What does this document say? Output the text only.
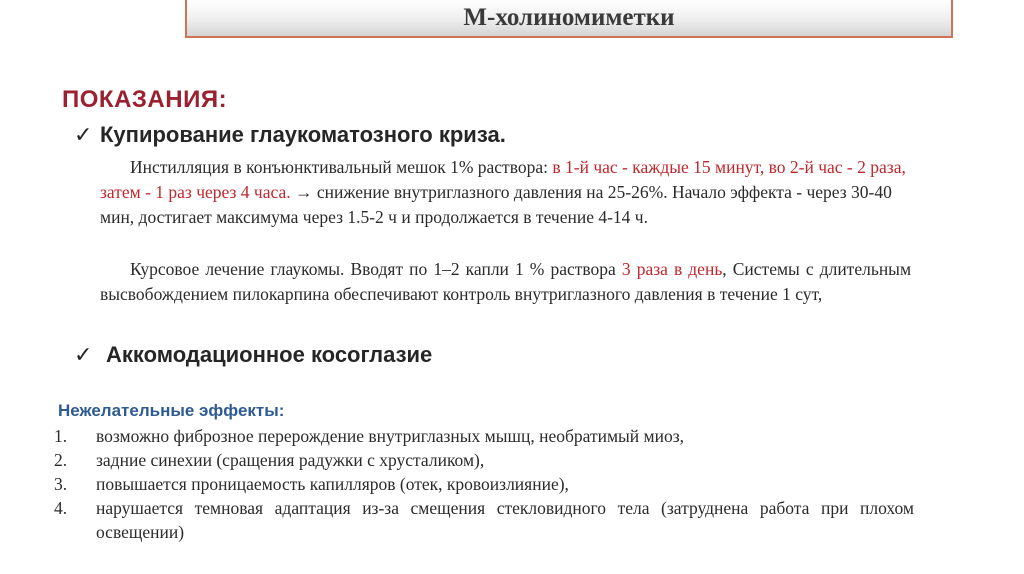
М-холиномиметки
ПОКАЗАНИЯ:
✓ Купирование глаукоматозного криза.
Инстилляция в конъюнктивальный мешок 1% раствора: в 1-й час - каждые 15 минут, во 2-й час - 2 раза, затем - 1 раз через 4 часа. → снижение внутриглазного давления на 25-26%. Начало эффекта - через 30-40 мин, достигает максимума через 1.5-2 ч и продолжается в течение 4-14 ч.
Курсовое лечение глаукомы. Вводят по 1–2 капли 1 % раствора 3 раза в день, Системы с длительным высвобождением пилокарпина обеспечивают контроль внутриглазного давления в течение 1 сут,
✓ Аккомодационное косоглазие
Нежелательные эффекты:
1.	возможно фиброзное перерождение внутриглазных мышц, необратимый миоз,
2.	задние синехии (сращения радужки с хрусталиком),
3.	повышается проницаемость капилляров (отек, кровоизлияние),
4.	нарушается темновая адаптация из-за смещения стекловидного тела (затруднена работа при плохом освещении)
